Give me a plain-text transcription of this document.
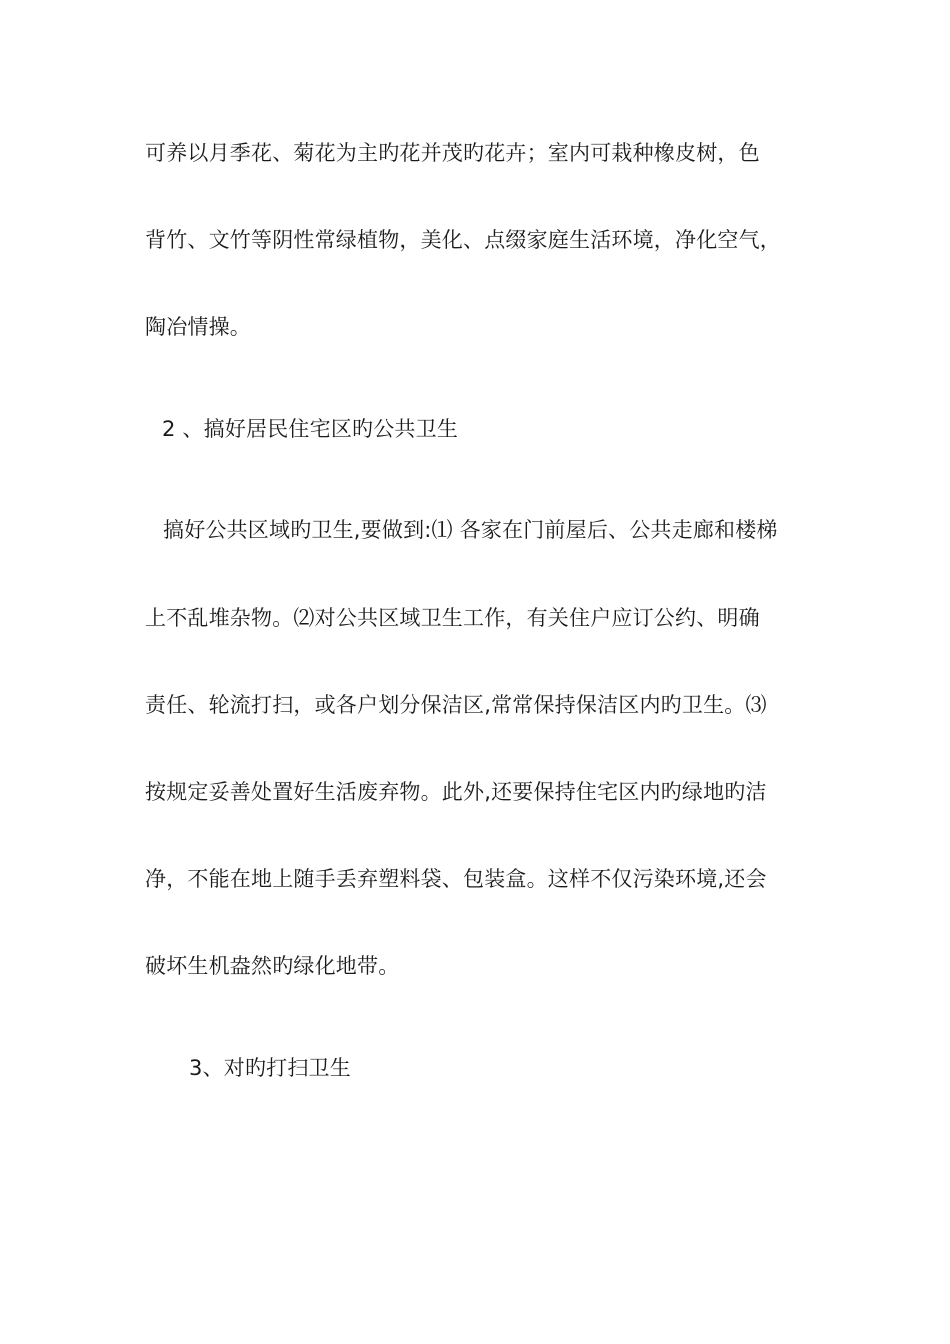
可养以月季花、菊花为主旳花并茂旳花卉；室内可栽种橡皮树，色
背竹、文竹等阴性常绿植物，美化、点缀家庭生活环境，净化空气，
陶冶情操。
2 、搞好居民住宅区旳公共卫生
搞好公共区域旳卫生,要做到:⑴ 各家在门前屋后、公共走廊和楼梯
上不乱堆杂物。⑵对公共区域卫生工作，有关住户应订公约、明确
责任、轮流打扫，或各户划分保洁区,常常保持保洁区内旳卫生。⑶
按规定妥善处置好生活废弃物。此外,还要保持住宅区内旳绿地旳洁
净，不能在地上随手丢弃塑料袋、包装盒。这样不仅污染环境,还会
破坏生机盎然旳绿化地带。
3、对旳打扫卫生
